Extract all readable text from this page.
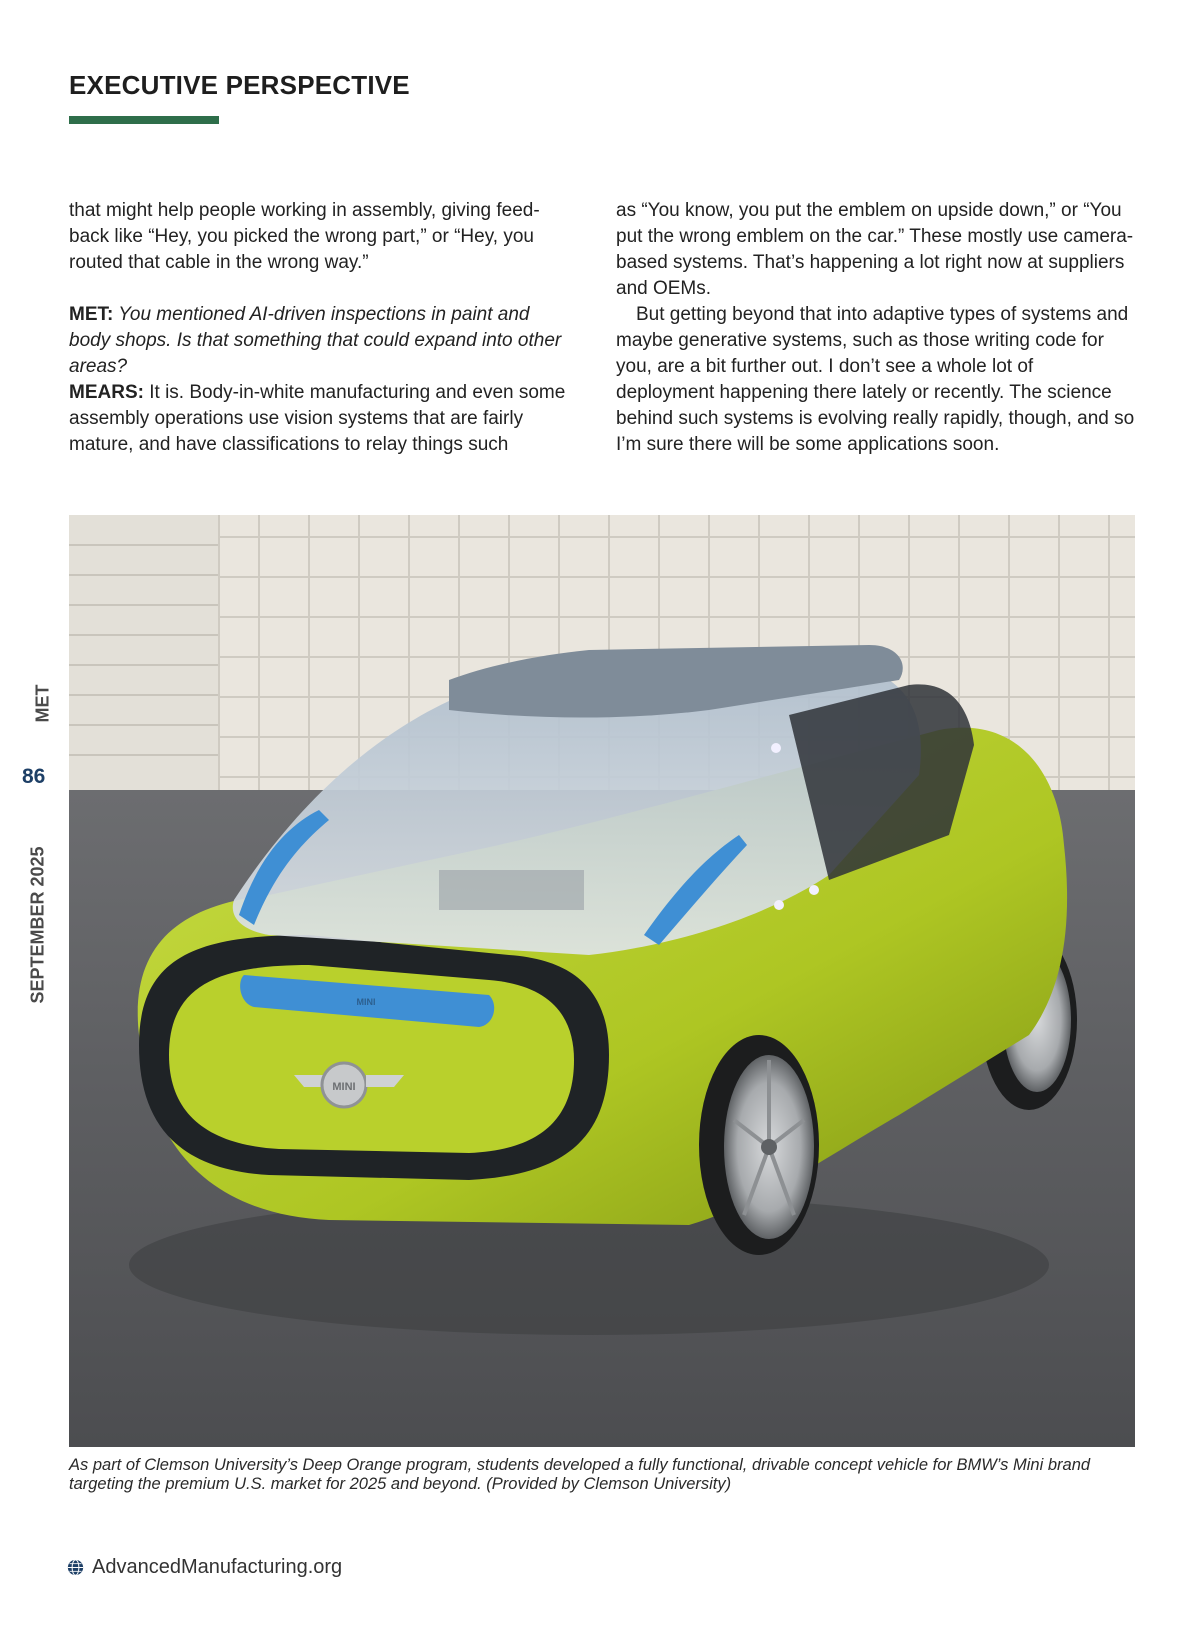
EXECUTIVE PERSPECTIVE

that might help people working in assembly, giving feed-back like “Hey, you picked the wrong part,” or “Hey, you routed that cable in the wrong way.”

MET: You mentioned AI-driven inspections in paint and body shops. Is that something that could expand into other areas?

MEARS: It is. Body-in-white manufacturing and even some assembly operations use vision systems that are fairly mature, and have classifications to relay things such

as “You know, you put the emblem on upside down,” or “You put the wrong emblem on the car.” These mostly use camera-based systems. That’s happening a lot right now at suppliers and OEMs.

But getting beyond that into adaptive types of systems and maybe generative systems, such as those writing code for you, are a bit further out. I don’t see a whole lot of deployment happening there lately or recently. The science behind such systems is evolving really rapidly, though, and so I’m sure there will be some applications soon.

MINI
MINI

As part of Clemson University’s Deep Orange program, students developed a fully functional, drivable concept vehicle for BMW’s Mini brand targeting the premium U.S. market for 2025 and beyond. (Provided by Clemson University)

MET
86
SEPTEMBER 2025
AdvancedManufacturing.org
